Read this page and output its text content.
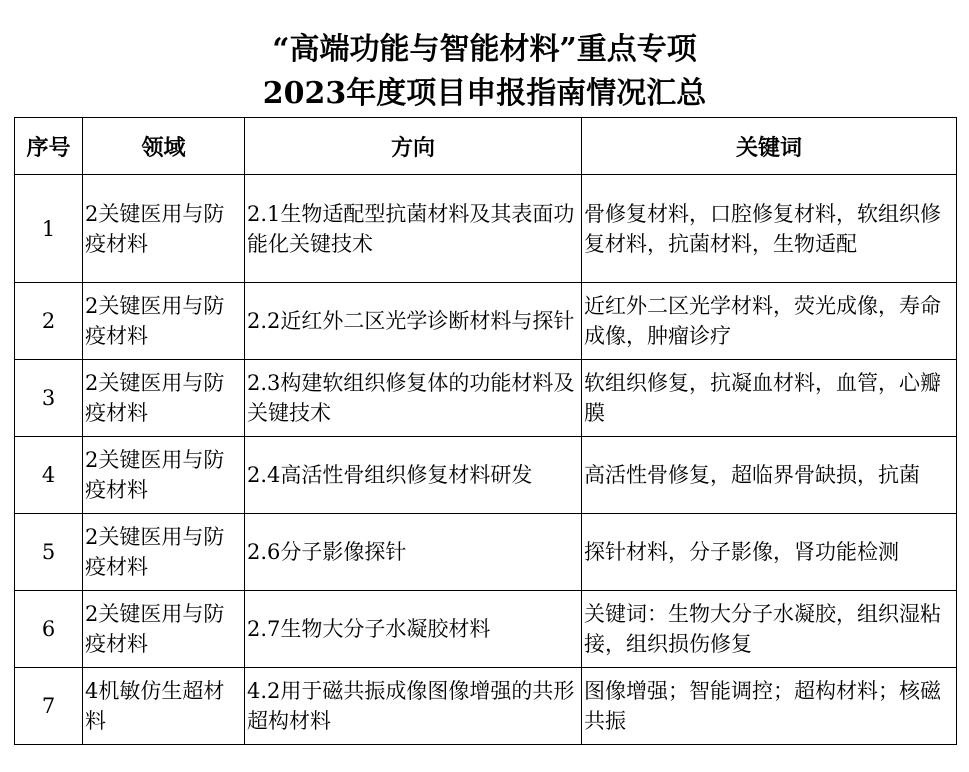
“高端功能与智能材料”重点专项
2023年度项目申报指南情况汇总
序号	领域	方向	关键词
1	2关键医用与防疫材料	2.1生物适配型抗菌材料及其表面功能化关键技术	骨修复材料，口腔修复材料，软组织修复材料，抗菌材料，生物适配
2	2关键医用与防疫材料	2.2近红外二区光学诊断材料与探针	近红外二区光学材料，荧光成像，寿命成像，肿瘤诊疗
3	2关键医用与防疫材料	2.3构建软组织修复体的功能材料及关键技术	软组织修复，抗凝血材料，血管，心瓣膜
4	2关键医用与防疫材料	2.4高活性骨组织修复材料研发	高活性骨修复，超临界骨缺损，抗菌
5	2关键医用与防疫材料	2.6分子影像探针	探针材料，分子影像，肾功能检测
6	2关键医用与防疫材料	2.7生物大分子水凝胶材料	关键词：生物大分子水凝胶，组织湿粘接，组织损伤修复
7	4机敏仿生超材料	4.2用于磁共振成像图像增强的共形超构材料	图像增强；智能调控；超构材料；核磁共振
